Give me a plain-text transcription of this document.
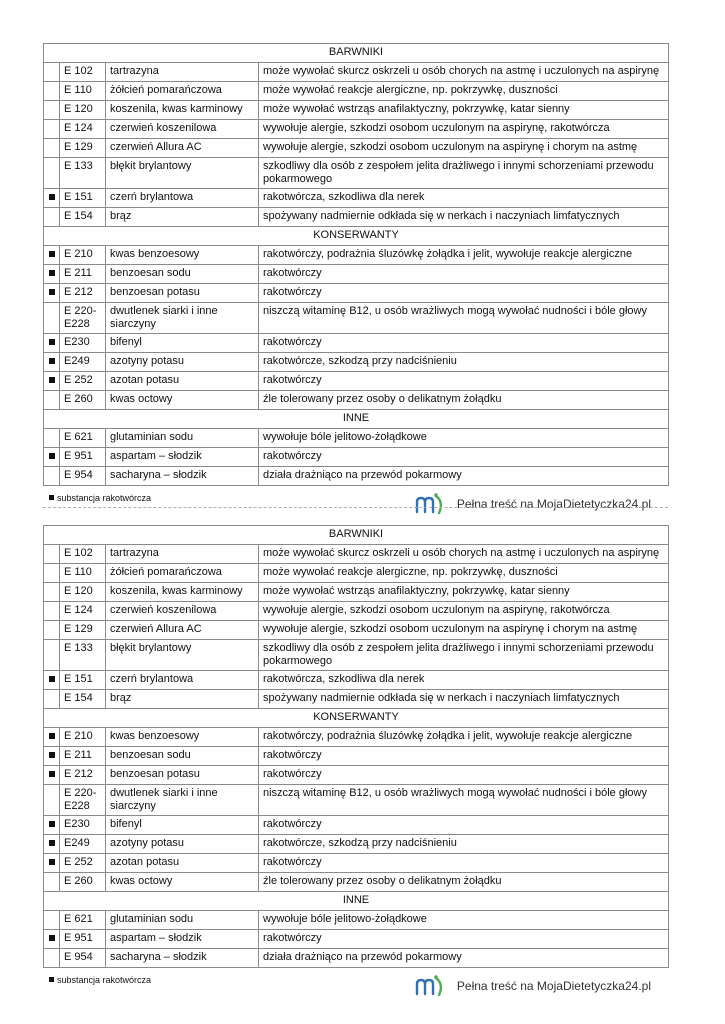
BARWNIKI			
	E 102	tartrazyna	może wywołać skurcz oskrzeli u osób chorych na astmę i uczulonych na aspirynę
	E 110	żółcień pomarańczowa	może wywołać reakcje alergiczne, np. pokrzywkę, duszności
	E 120	koszenila, kwas karminowy	może wywołać wstrząs anafilaktyczny, pokrzywkę, katar sienny
	E 124	czerwień koszenilowa	wywołuje alergie, szkodzi osobom uczulonym na aspirynę, rakotwórcza
	E 129	czerwień Allura AC	wywołuje alergie, szkodzi osobom uczulonym na aspirynę i chorym na astmę
	E 133	błękit brylantowy	szkodliwy dla osób z zespołem jelita drażliwego i innymi schorzeniami przewodu pokarmowego
	E 151	czerń brylantowa	rakotwórcza, szkodliwa dla nerek
	E 154	brąz	spożywany nadmiernie odkłada się w nerkach i naczyniach limfatycznych
KONSERWANTY			
	E 210	kwas benzoesowy	rakotwórczy, podrażnia śluzówkę żołądka i jelit, wywołuje reakcje alergiczne
	E 211	benzoesan sodu	rakotwórczy
	E 212	benzoesan potasu	rakotwórczy
	E 220-E228	dwutlenek siarki i inne siarczyny	niszczą witaminę B12, u osób wrażliwych mogą wywołać nudności i bóle głowy
	E230	bifenyl	rakotwórczy
	E249	azotyny potasu	rakotwórcze, szkodzą przy nadciśnieniu
	E 252	azotan potasu	rakotwórczy
	E 260	kwas octowy	źle tolerowany przez osoby o delikatnym żołądku
INNE			
	E 621	glutaminian sodu	wywołuje bóle jelitowo-żołądkowe
	E 951	aspartam – słodzik	rakotwórczy
	E 954	sacharyna – słodzik	działa drażniąco na przewód pokarmowy
substancja rakotwórcza	Pełna treść na MojaDietetyczka24.pl
BARWNIKI			
	E 102	tartrazyna	może wywołać skurcz oskrzeli u osób chorych na astmę i uczulonych na aspirynę
	E 110	żółcień pomarańczowa	może wywołać reakcje alergiczne, np. pokrzywkę, duszności
	E 120	koszenila, kwas karminowy	może wywołać wstrząs anafilaktyczny, pokrzywkę, katar sienny
	E 124	czerwień koszenilowa	wywołuje alergie, szkodzi osobom uczulonym na aspirynę, rakotwórcza
	E 129	czerwień Allura AC	wywołuje alergie, szkodzi osobom uczulonym na aspirynę i chorym na astmę
	E 133	błękit brylantowy	szkodliwy dla osób z zespołem jelita drażliwego i innymi schorzeniami przewodu pokarmowego
	E 151	czerń brylantowa	rakotwórcza, szkodliwa dla nerek
	E 154	brąz	spożywany nadmiernie odkłada się w nerkach i naczyniach limfatycznych
KONSERWANTY			
	E 210	kwas benzoesowy	rakotwórczy, podrażnia śluzówkę żołądka i jelit, wywołuje reakcje alergiczne
	E 211	benzoesan sodu	rakotwórczy
	E 212	benzoesan potasu	rakotwórczy
	E 220-E228	dwutlenek siarki i inne siarczyny	niszczą witaminę B12, u osób wrażliwych mogą wywołać nudności i bóle głowy
	E230	bifenyl	rakotwórczy
	E249	azotyny potasu	rakotwórcze, szkodzą przy nadciśnieniu
	E 252	azotan potasu	rakotwórczy
	E 260	kwas octowy	źle tolerowany przez osoby o delikatnym żołądku
INNE			
	E 621	glutaminian sodu	wywołuje bóle jelitowo-żołądkowe
	E 951	aspartam – słodzik	rakotwórczy
	E 954	sacharyna – słodzik	działa drażniąco na przewód pokarmowy
substancja rakotwórcza	Pełna treść na MojaDietetyczka24.pl
